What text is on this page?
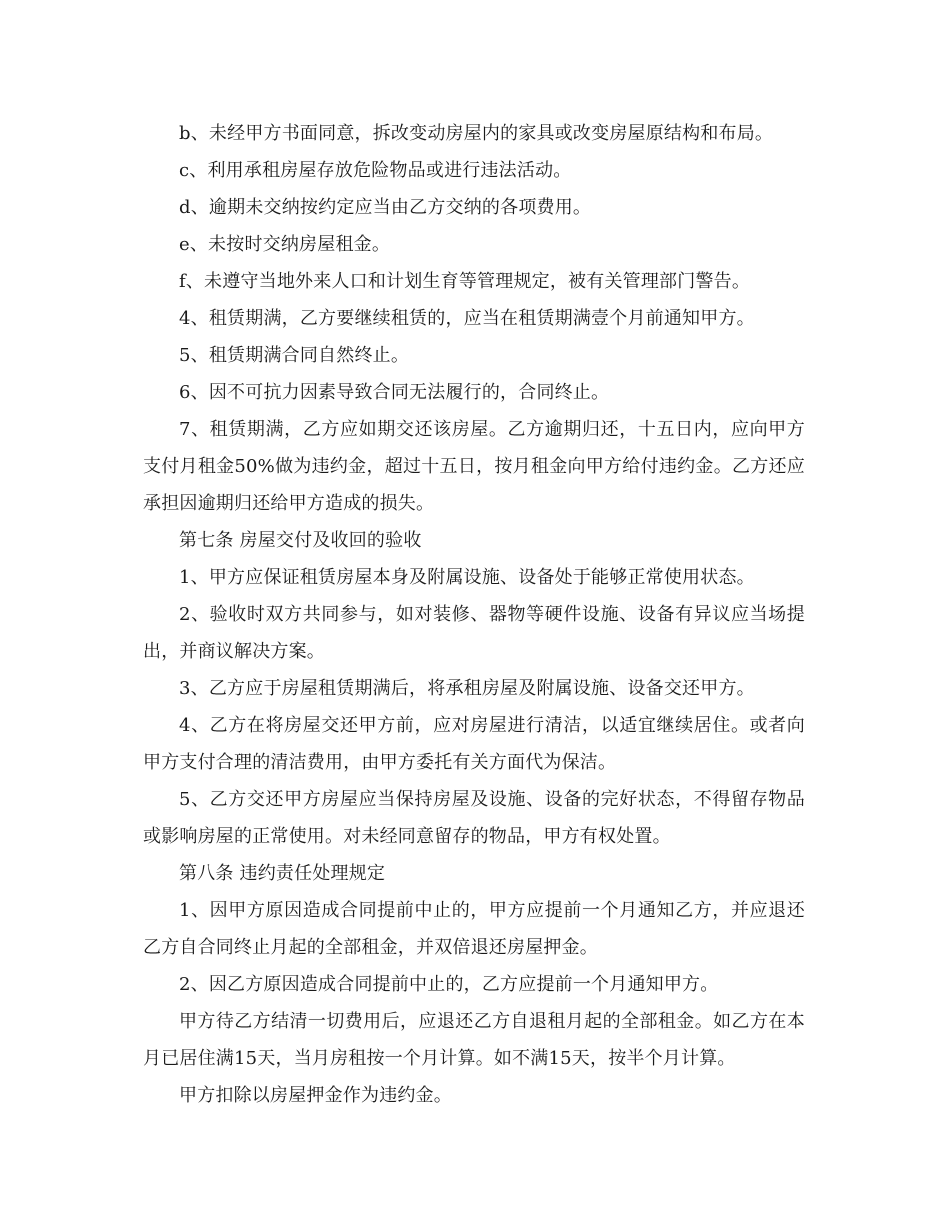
b、未经甲方书面同意，拆改变动房屋内的家具或改变房屋原结构和布局。

c、利用承租房屋存放危险物品或进行违法活动。

d、逾期未交纳按约定应当由乙方交纳的各项费用。

e、未按时交纳房屋租金。

f、未遵守当地外来人口和计划生育等管理规定，被有关管理部门警告。

4、租赁期满，乙方要继续租赁的，应当在租赁期满壹个月前通知甲方。

5、租赁期满合同自然终止。

6、因不可抗力因素导致合同无法履行的，合同终止。

7、租赁期满，乙方应如期交还该房屋。乙方逾期归还，十五日内，应向甲方支付月租金50%做为违约金，超过十五日，按月租金向甲方给付违约金。乙方还应承担因逾期归还给甲方造成的损失。

第七条 房屋交付及收回的验收

1、甲方应保证租赁房屋本身及附属设施、设备处于能够正常使用状态。

2、验收时双方共同参与，如对装修、器物等硬件设施、设备有异议应当场提出，并商议解决方案。

3、乙方应于房屋租赁期满后，将承租房屋及附属设施、设备交还甲方。

4、乙方在将房屋交还甲方前，应对房屋进行清洁，以适宜继续居住。或者向甲方支付合理的清洁费用，由甲方委托有关方面代为保洁。

5、乙方交还甲方房屋应当保持房屋及设施、设备的完好状态，不得留存物品或影响房屋的正常使用。对未经同意留存的物品，甲方有权处置。

第八条 违约责任处理规定

1、因甲方原因造成合同提前中止的，甲方应提前一个月通知乙方，并应退还乙方自合同终止月起的全部租金，并双倍退还房屋押金。

2、因乙方原因造成合同提前中止的，乙方应提前一个月通知甲方。

甲方待乙方结清一切费用后，应退还乙方自退租月起的全部租金。如乙方在本月已居住满15天，当月房租按一个月计算。如不满15天，按半个月计算。

甲方扣除以房屋押金作为违约金。
